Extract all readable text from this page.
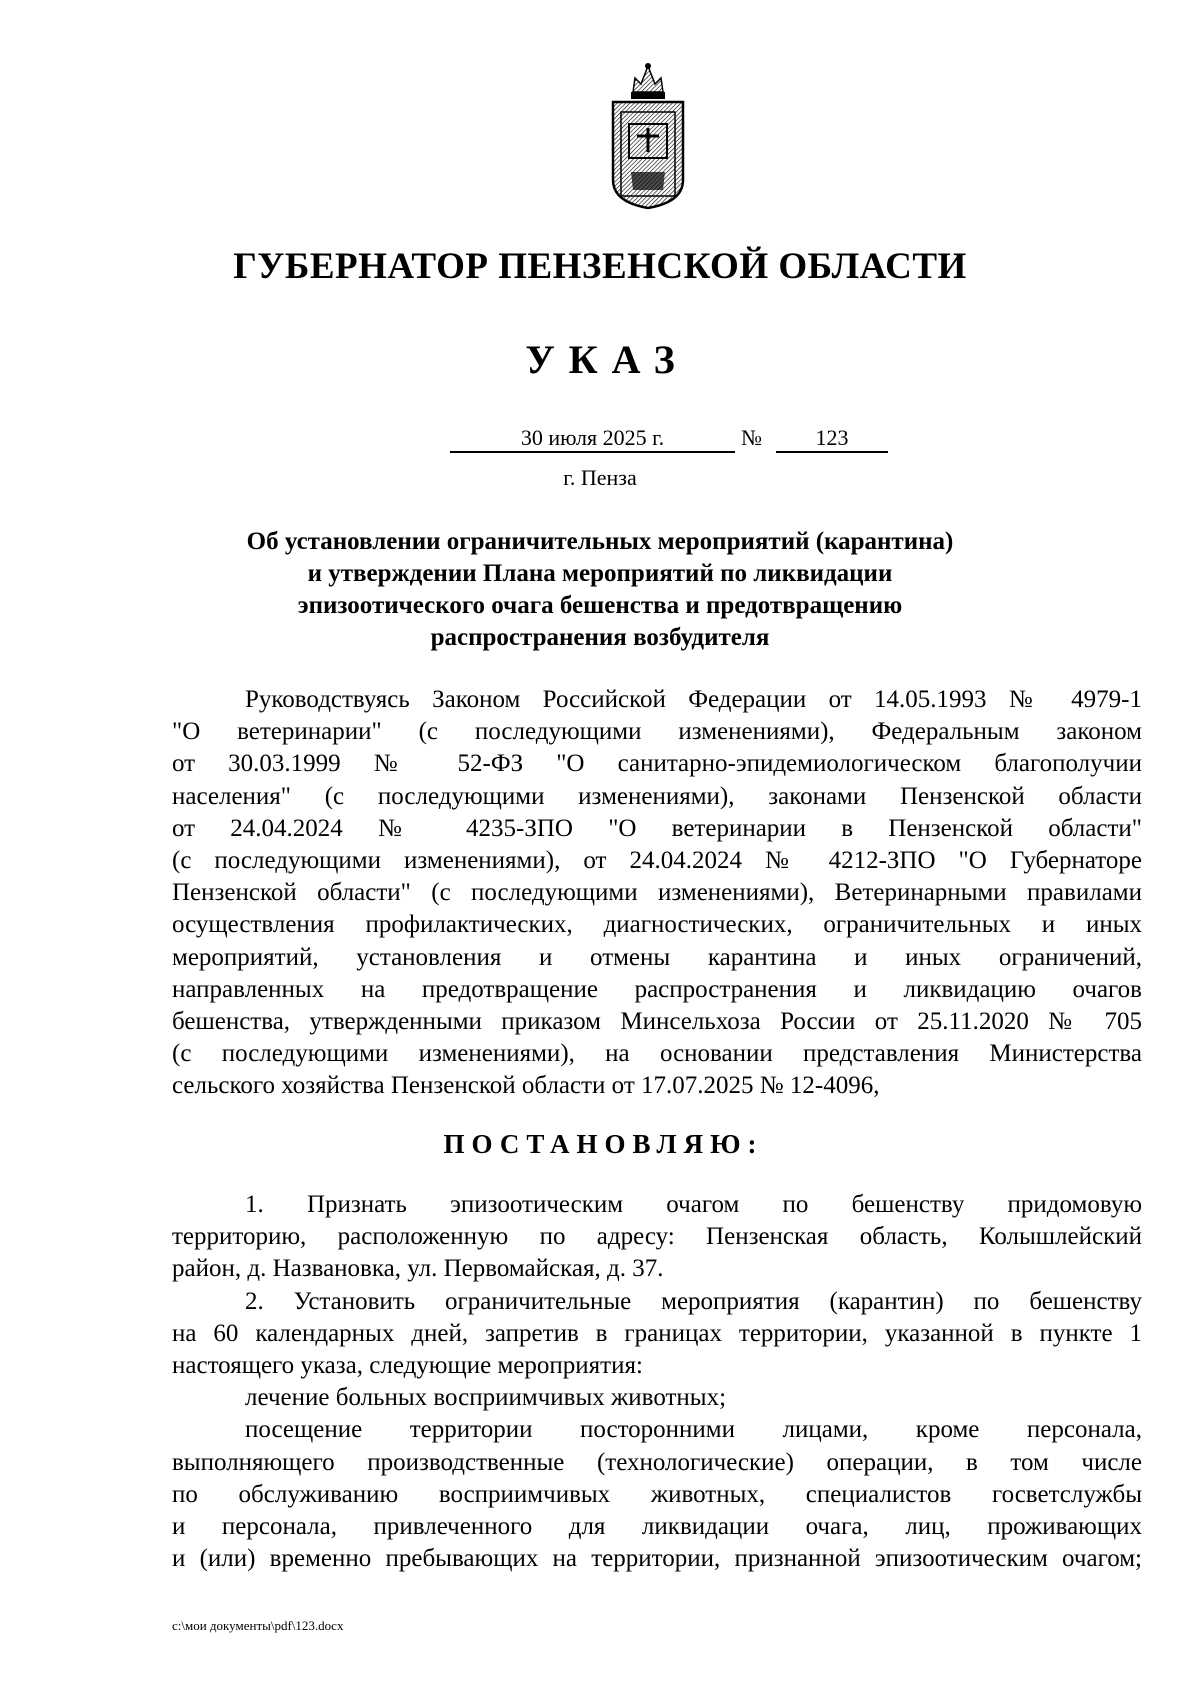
ГУБЕРНАТОР ПЕНЗЕНСКОЙ ОБЛАСТИ
УКАЗ
30 июля 2025 г.	№	123
г. Пенза
Об установлении ограничительных мероприятий (карантина)
и утверждении Плана мероприятий по ликвидации
эпизоотического очага бешенства и предотвращению
распространения возбудителя
Руководствуясь Законом Российской Федерации от 14.05.1993 № 4979-1
"О ветеринарии" (с последующими изменениями), Федеральным законом
от 30.03.1999 № 52-ФЗ "О санитарно-эпидемиологическом благополучии
населения" (с последующими изменениями), законами Пензенской области
от 24.04.2024 № 4235-ЗПО "О ветеринарии в Пензенской области"
(с последующими изменениями), от 24.04.2024 № 4212-ЗПО "О Губернаторе
Пензенской области" (с последующими изменениями), Ветеринарными правилами
осуществления профилактических, диагностических, ограничительных и иных
мероприятий, установления и отмены карантина и иных ограничений,
направленных на предотвращение распространения и ликвидацию очагов
бешенства, утвержденными приказом Минсельхоза России от 25.11.2020 № 705
(с последующими изменениями), на основании представления Министерства
сельского хозяйства Пензенской области от 17.07.2025 № 12-4096,
ПОСТАНОВЛЯЮ:
1. Признать эпизоотическим очагом по бешенству придомовую
территорию, расположенную по адресу: Пензенская область, Колышлейский
район, д. Названовка, ул. Первомайская, д. 37.
2. Установить ограничительные мероприятия (карантин) по бешенству
на 60 календарных дней, запретив в границах территории, указанной в пункте 1
настоящего указа, следующие мероприятия:
лечение больных восприимчивых животных;
посещение территории посторонними лицами, кроме персонала,
выполняющего производственные (технологические) операции, в том числе
по обслуживанию восприимчивых животных, специалистов госветслужбы
и персонала, привлеченного для ликвидации очага, лиц, проживающих
и (или) временно пребывающих на территории, признанной эпизоотическим очагом;
c:\мои документы\pdf\123.docx
